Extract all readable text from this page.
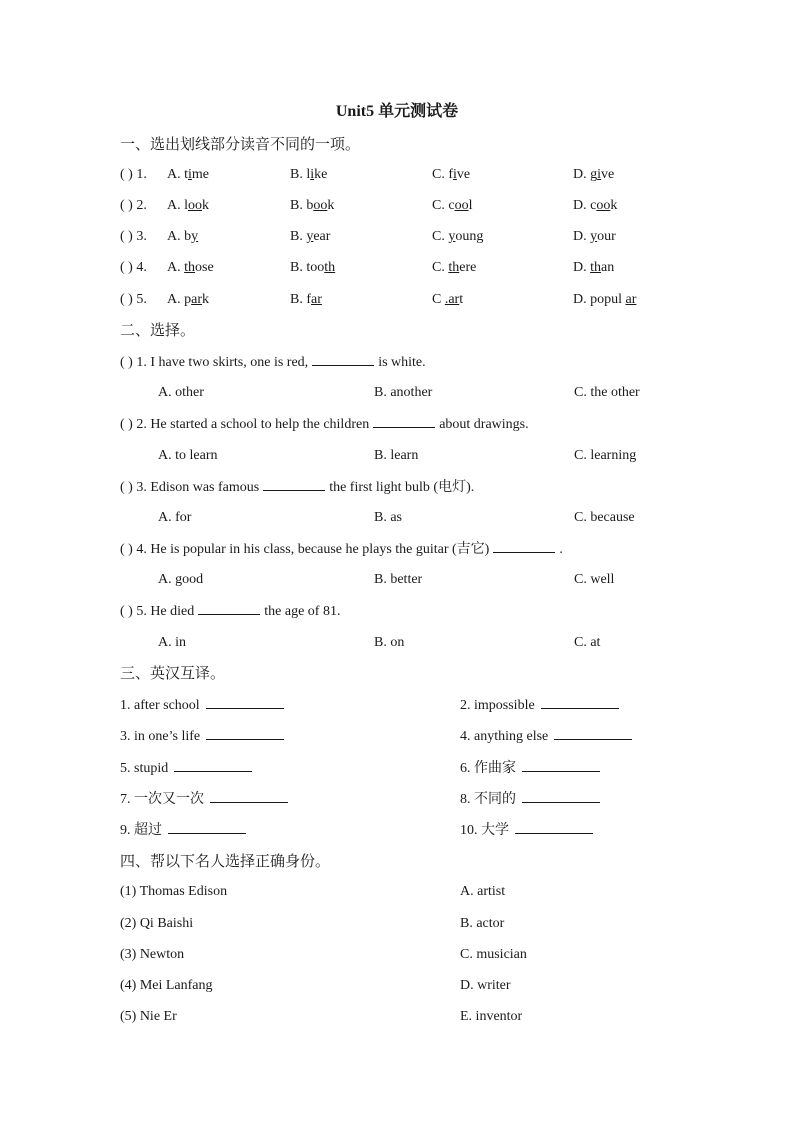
Unit5 单元测试卷
一、选出划线部分读音不同的一项。
( ) 1. A. time	B. like	C. five	D. give
( ) 2. A. look	B. book	C. cool	D. cook
( ) 3. A. by	B. year	C. young	D. your
( ) 4. A. those	B. tooth	C. there	D. than
( ) 5. A. park	B. far	C .art	D. popul ar
二、选择。
( ) 1. I have two skirts, one is red,	is white.
A. other	B. another	C. the other
( ) 2. He started a school to help the children	about drawings.
A. to learn	B. learn	C. learning
( ) 3. Edison was famous	the first light bulb (电灯).
A. for	B. as	C. because
( ) 4. He is popular in his class, because he plays the guitar (吉它)	.
A. good	B. better	C. well
( ) 5. He died	the age of 81.
A. in	B. on	C. at
三、英汉互译。
1. after school	2. impossible
3. in one’s life	4. anything else
5. stupid	6. 作曲家
7. 一次又一次	8. 不同的
9. 超过	10. 大学
四、帮以下名人选择正确身份。
(1) Thomas Edison	A. artist
(2) Qi Baishi	B. actor
(3) Newton	C. musician
(4) Mei Lanfang	D. writer
(5) Nie Er	E. inventor
